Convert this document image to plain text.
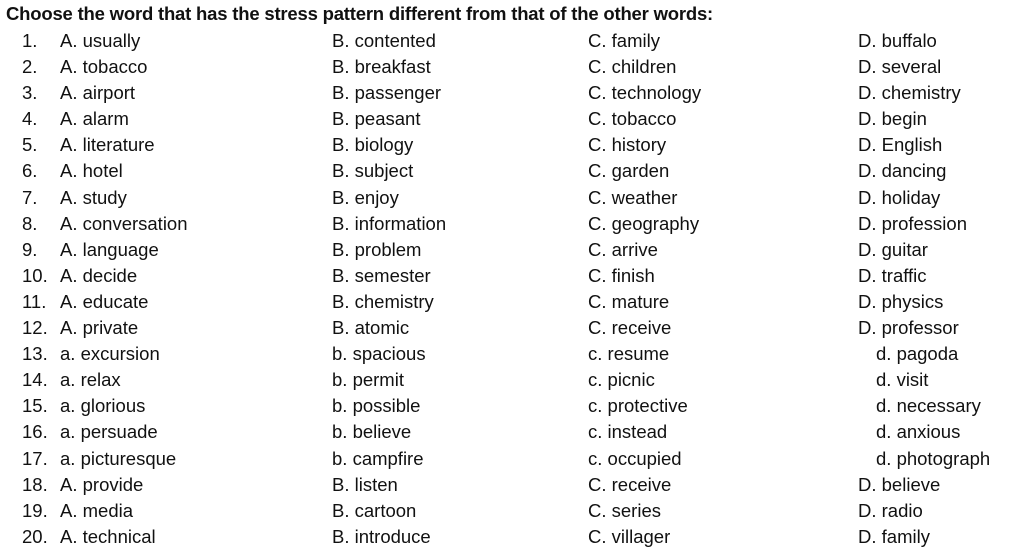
Choose the word that has the stress pattern different from that of the other words:
1. A. usually	B. contented	C. family	D. buffalo
2. A. tobacco	B. breakfast	C. children	D. several
3. A. airport	B. passenger	C. technology	D. chemistry
4. A. alarm	B. peasant	C. tobacco	D. begin
5. A. literature	B. biology	C. history	D. English
6. A. hotel	B. subject	C. garden	D. dancing
7. A. study	B. enjoy	C. weather	D. holiday
8. A. conversation	B. information	C. geography	D. profession
9. A. language	B. problem	C. arrive	D. guitar
10. A. decide	B. semester	C. finish	D. traffic
11. A. educate	B. chemistry	C. mature	D. physics
12. A. private	B. atomic	C. receive	D. professor
13. a. excursion	b. spacious	c. resume	d. pagoda
14. a. relax	b. permit	c. picnic	d. visit
15. a. glorious	b. possible	c. protective	d. necessary
16. a. persuade	b. believe	c. instead	d. anxious
17. a. picturesque	b. campfire	c. occupied	d. photograph
18. A. provide	B. listen	C. receive	D. believe
19. A. media	B. cartoon	C. series	D. radio
20. A. technical	B. introduce	C. villager	D. family
